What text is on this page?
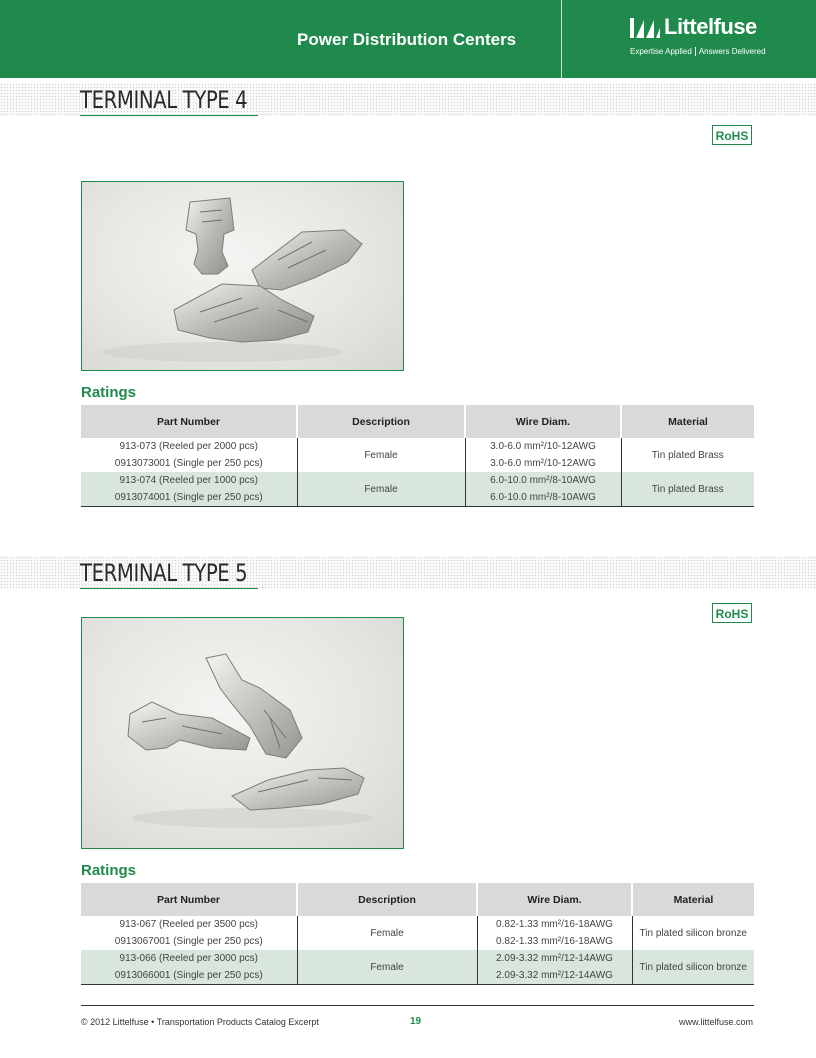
Power Distribution Centers
Littelfuse
Expertise Applied Answers Delivered
TERMINAL TYPE 4
RoHS
Ratings
Part Number	Description	Wire Diam.	Material
913-073 (Reeled per 2000 pcs)	Female	3.0-6.0 mm²/10-12AWG	Tin plated Brass
0913073001 (Single per 250 pcs)		3.0-6.0 mm²/10-12AWG	
913-074 (Reeled per 1000 pcs)	Female	6.0-10.0 mm²/8-10AWG	Tin plated Brass
0913074001 (Single per 250 pcs)		6.0-10.0 mm²/8-10AWG	
TERMINAL TYPE 5
RoHS
Ratings
Part Number	Description	Wire Diam.	Material
913-067 (Reeled per 3500 pcs)	Female	0.82-1.33 mm²/16-18AWG	Tin plated silicon bronze
0913067001 (Single per 250 pcs)		0.82-1.33 mm²/16-18AWG	
913-066 (Reeled per 3000 pcs)	Female	2.09-3.32 mm²/12-14AWG	Tin plated silicon bronze
0913066001 (Single per 250 pcs)		2.09-3.32 mm²/12-14AWG	
© 2012 Littelfuse • Transportation Products Catalog Excerpt	19	www.littelfuse.com
